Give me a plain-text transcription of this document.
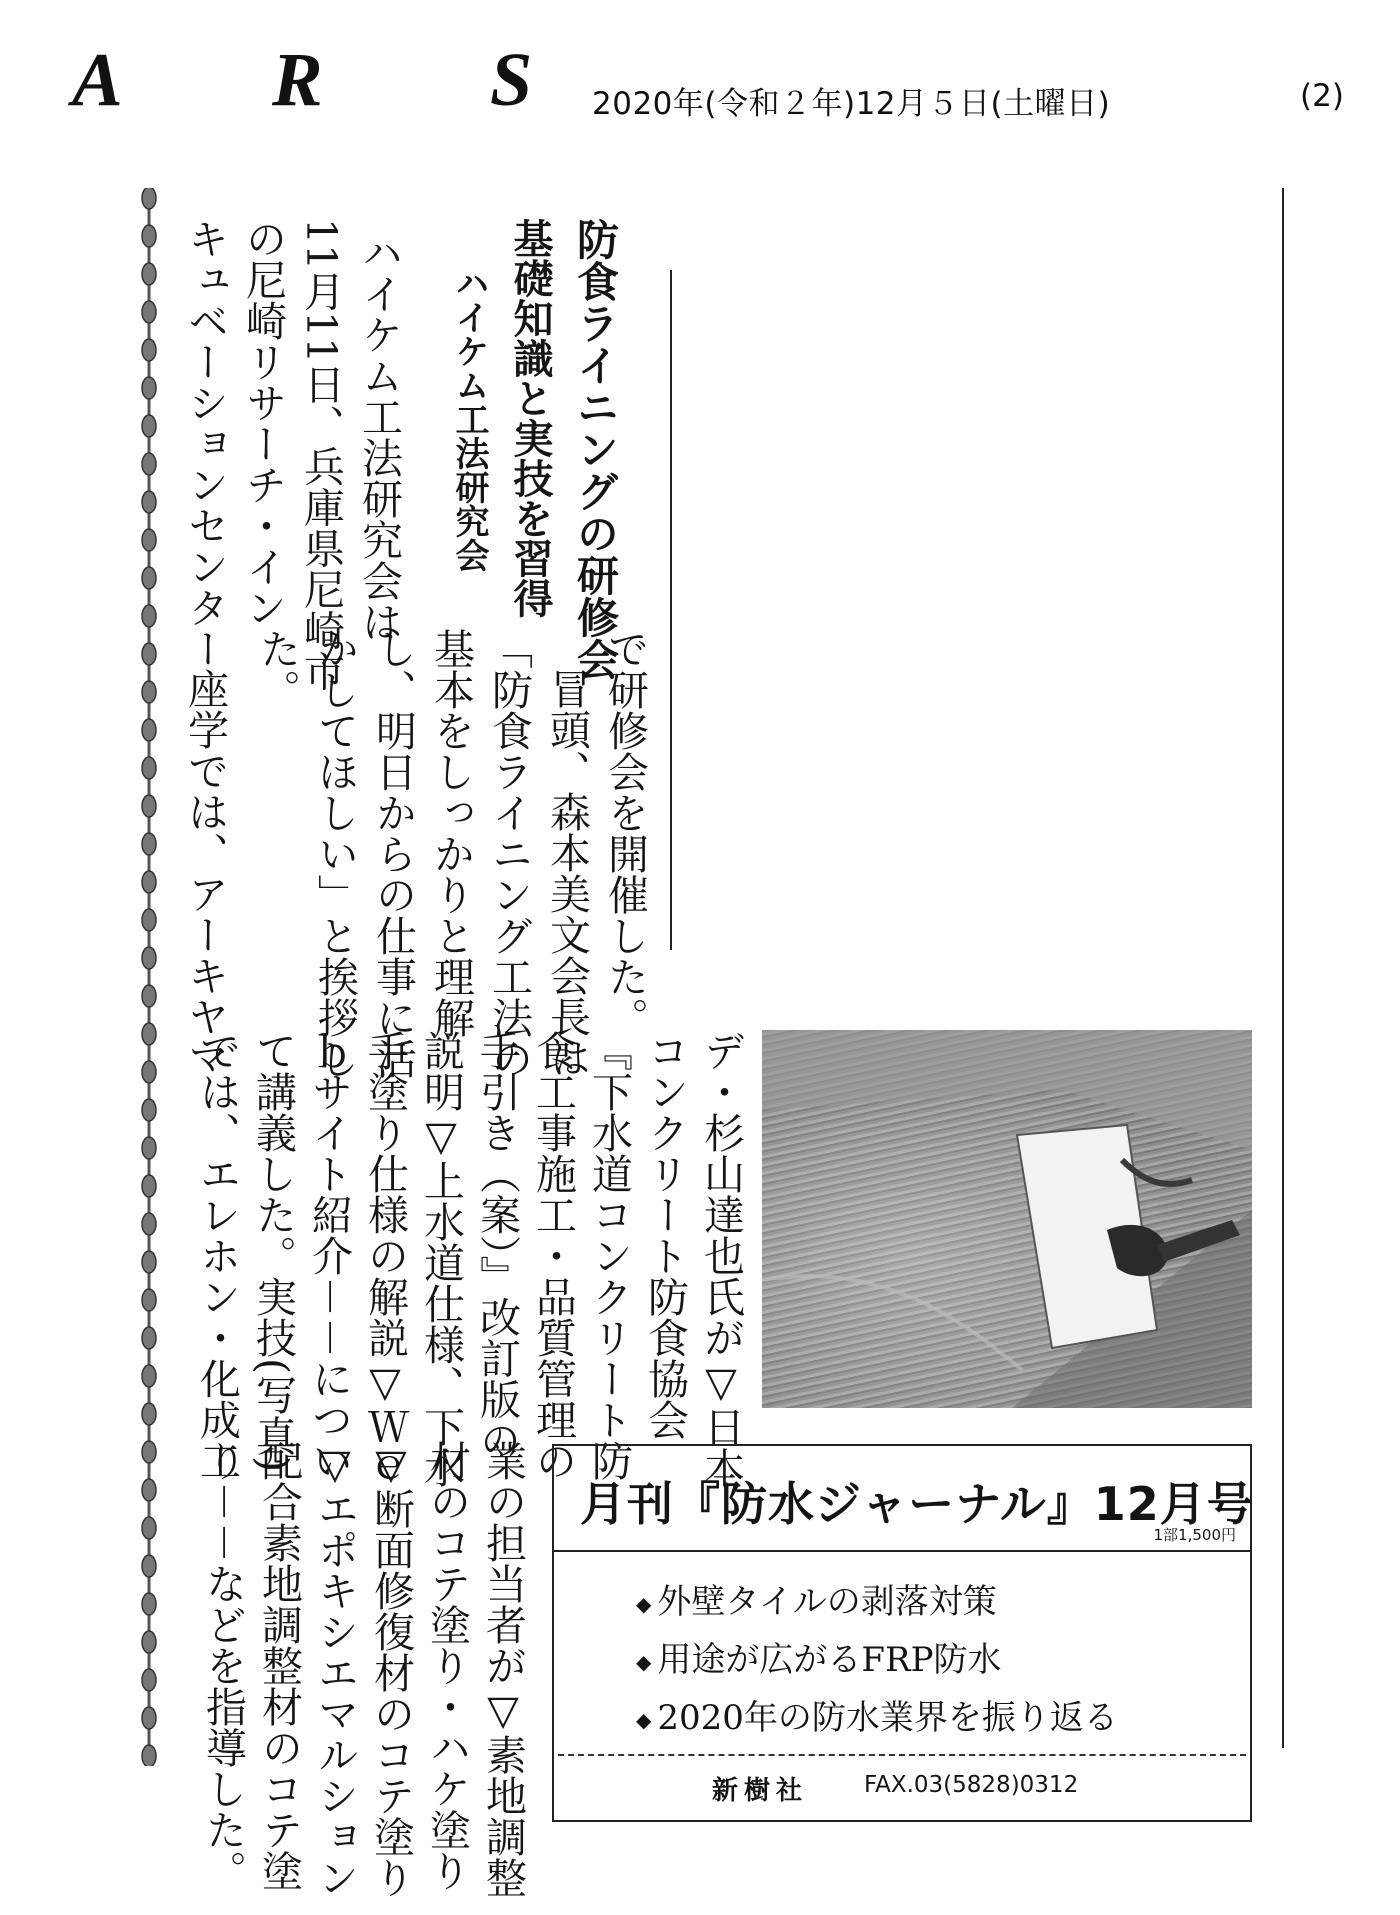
A R S 2020年(令和２年)12月５日(土曜日)	(2)
防食ライニングの研修会
基礎知識と実技を習得
ハイケム工法研究会
ハイケム工法研究会は
11月11日、兵庫県尼崎市
の尼崎リサーチ・イン
キュベーションセンター
で研修会を開催した。
冒頭、森本美文会長は
「防食ライニング工法の
基本をしっかりと理解
し、明日からの仕事に活
かしてほしい」と挨拶し
た。
座学では、アーキヤマ
デ・杉山達也氏が▽日本
コンクリート防食協会
『下水道コンクリート防
食工事施工・品質管理の
手引き（案）』改訂版の
説明▽上水道仕様、下水
手塗り仕様の解説▽Ｗｅ
ｂサイト紹介－－につい
て講義した。実技(写真)
では、エレホン・化成工
業の担当者が▽素地調整
材のコテ塗り・ハケ塗り
▽断面修復材のコテ塗り
▽エポキシエマルション
配合素地調整材のコテ塗
り－－などを指導した。	月刊『防水ジャーナル』12月号
1部1,500円
◆ 外壁タイルの剥落対策
◆ 用途が広がるFRP防水
◆ 2020年の防水業界を振り返る
新樹社 FAX.03(5828)0312
